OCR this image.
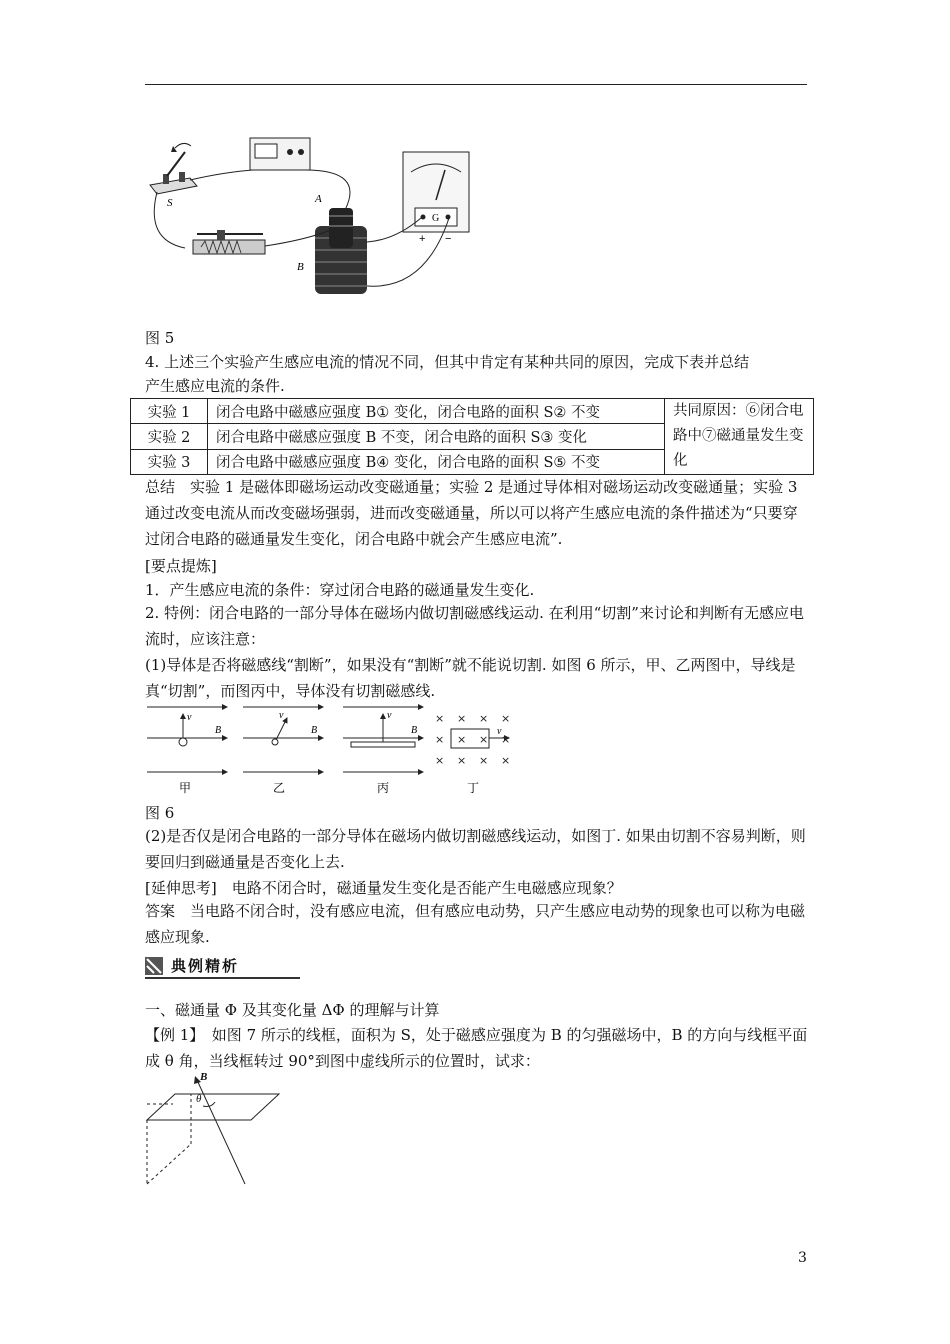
S	A
B
G
+ −
图 5
4. 上述三个实验产生感应电流的情况不同，但其中肯定有某种共同的原因，完成下表并总结
产生感应电流的条件.
实验 1	闭合电路中磁感应强度 B① 变化，闭合电路的面积 S② 不变	共同原因：⑥闭合电路中⑦磁通量发生变化
实验 2	闭合电路中磁感应强度 B 不变，闭合电路的面积 S③ 变化	
实验 3	闭合电路中磁感应强度 B④ 变化，闭合电路的面积 S⑤ 不变	
总结　实验 1 是磁体即磁场运动改变磁通量；实验 2 是通过导体相对磁场运动改变磁通量；实验 3 通过改变电流从而改变磁场强弱，进而改变磁通量，所以可以将产生感应电流的条件描述为“只要穿过闭合电路的磁通量发生变化，闭合电路中就会产生感应电流”.
[要点提炼]
1．产生感应电流的条件：穿过闭合电路的磁通量发生变化.
2. 特例：闭合电路的一部分导体在磁场内做切割磁感线运动. 在利用“切割”来讨论和判断有无感应电流时，应该注意：
(1)导体是否将磁感线“割断”，如果没有“割断”就不能说切割. 如图 6 所示，甲、乙两图中，导线是真“切割”，而图丙中，导体没有切割磁感线.
v
B
甲
v
B
乙
v
B
丙
× × × ×
× × × ×
× × × ×
v
丁
图 6
(2)是否仅是闭合电路的一部分导体在磁场内做切割磁感线运动，如图丁. 如果由切割不容易判断，则要回归到磁通量是否变化上去.
[延伸思考]　电路不闭合时，磁通量发生变化是否能产生电磁感应现象？
答案　当电路不闭合时，没有感应电流，但有感应电动势，只产生感应电动势的现象也可以称为电磁感应现象.
典例精析
一、磁通量 Φ 及其变化量 ΔΦ 的理解与计算
【例 1】　如图 7 所示的线框，面积为 S，处于磁感应强度为 B 的匀强磁场中，B 的方向与线框平面成 θ 角，当线框转过 90°到图中虚线所示的位置时，试求：
B
θ
3
